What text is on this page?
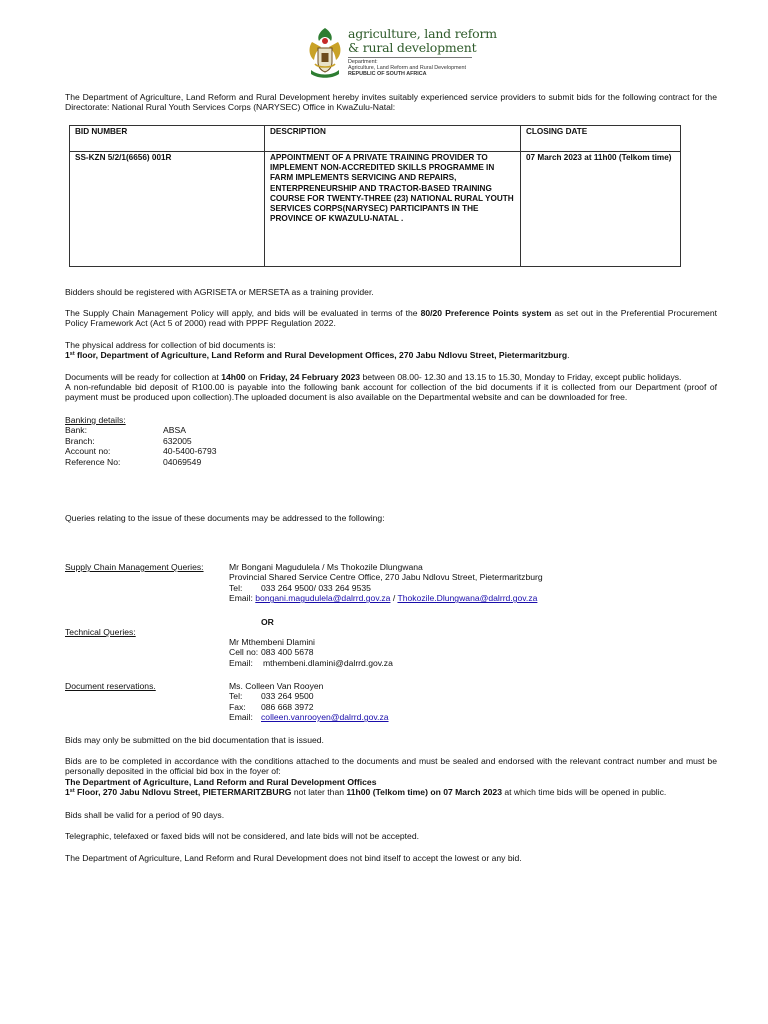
agriculture, land reform
& rural development
Department:
Agriculture, Land Reform and Rural Development
REPUBLIC OF SOUTH AFRICA
The Department of Agriculture, Land Reform and Rural Development hereby invites suitably experienced service providers to submit bids for the following contract for the Directorate: National Rural Youth Services Corps (NARYSEC) Office in KwaZulu-Natal:
BID NUMBER	DESCRIPTION	CLOSING DATE
SS-KZN 5/2/1(6656) 001R	APPOINTMENT OF A PRIVATE TRAINING PROVIDER TO IMPLEMENT NON-ACCREDITED SKILLS PROGRAMME IN FARM IMPLEMENTS SERVICING AND REPAIRS, ENTERPRENEURSHIP AND TRACTOR-BASED TRAINING COURSE FOR TWENTY-THREE (23) NATIONAL RURAL YOUTH SERVICES CORPS(NARYSEC) PARTICIPANTS IN THE PROVINCE OF KWAZULU-NATAL .	07 March 2023 at 11h00 (Telkom time)
Bidders should be registered with AGRISETA or MERSETA as a training provider.
The Supply Chain Management Policy will apply, and bids will be evaluated in terms of the 80/20 Preference Points system as set out in the Preferential Procurement Policy Framework Act (Act 5 of 2000) read with PPPF Regulation 2022.
The physical address for collection of bid documents is:
1st floor, Department of Agriculture, Land Reform and Rural Development Offices, 270 Jabu Ndlovu Street, Pietermaritzburg.
Documents will be ready for collection at 14h00 on Friday, 24 February 2023 between 08.00- 12.30 and 13.15 to 15.30, Monday to Friday, except public holidays.
A non-refundable bid deposit of R100.00 is payable into the following bank account for collection of the bid documents if it is collected from our Department (proof of payment must be produced upon collection).The uploaded document is also available on the Departmental website and can be downloaded for free.
Banking details:
Bank:	ABSA
Branch:	632005
Account no:	40-5400-6793
Reference No:	04069549
Queries relating to the issue of these documents may be addressed to the following:
Supply Chain Management Queries:	Mr Bongani Magudulela / Ms Thokozile Dlungwana
Provincial Shared Service Centre Office, 270 Jabu Ndlovu Street, Pietermaritzburg
Tel: 033 264 9500/ 033 264 9535
Email: bongani.magudulela@dalrrd.gov.za / Thokozile.Dlungwana@dalrrd.gov.za
OR
Technical Queries:
Mr Mthembeni Dlamini
Cell no: 083 400 5678
Email: mthembeni.dlamini@dalrrd.gov.za
Document reservations.	Ms. Colleen Van Rooyen
Tel: 033 264 9500
Fax: 086 668 3972
Email: colleen.vanrooyen@dalrrd.gov.za
Bids may only be submitted on the bid documentation that is issued.
Bids are to be completed in accordance with the conditions attached to the documents and must be sealed and endorsed with the relevant contract number and must be personally deposited in the official bid box in the foyer of:
The Department of Agriculture, Land Reform and Rural Development Offices
1st Floor, 270 Jabu Ndlovu Street, PIETERMARITZBURG not later than 11h00 (Telkom time) on 07 March 2023 at which time bids will be opened in public.
Bids shall be valid for a period of 90 days.
Telegraphic, telefaxed or faxed bids will not be considered, and late bids will not be accepted.
The Department of Agriculture, Land Reform and Rural Development does not bind itself to accept the lowest or any bid.
